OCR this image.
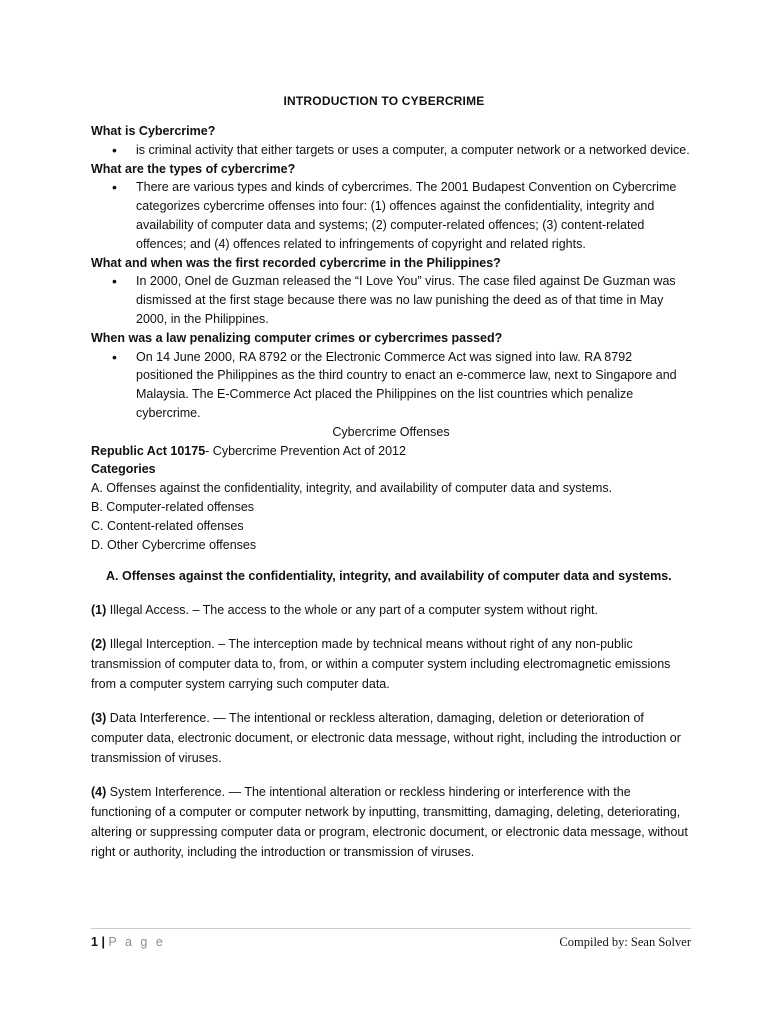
INTRODUCTION TO CYBERCRIME

What is Cybercrime?

• is criminal activity that either targets or uses a computer, a computer network or a networked device.

What are the types of cybercrime?

• There are various types and kinds of cybercrimes. The 2001 Budapest Convention on Cybercrime categorizes cybercrime offenses into four: (1) offences against the confidentiality, integrity and availability of computer data and systems; (2) computer-related offences; (3) content-related offences; and (4) offences related to infringements of copyright and related rights.

What and when was the first recorded cybercrime in the Philippines?

• In 2000, Onel de Guzman released the “I Love You” virus. The case filed against De Guzman was dismissed at the first stage because there was no law punishing the deed as of that time in May 2000, in the Philippines.

When was a law penalizing computer crimes or cybercrimes passed?

• On 14 June 2000, RA 8792 or the Electronic Commerce Act was signed into law. RA 8792 positioned the Philippines as the third country to enact an e-commerce law, next to Singapore and Malaysia. The E-Commerce Act placed the Philippines on the list countries which penalize cybercrime.

Cybercrime Offenses

Republic Act 10175- Cybercrime Prevention Act of 2012

Categories

A. Offenses against the confidentiality, integrity, and availability of computer data and systems.

B. Computer-related offenses

C. Content-related offenses

D. Other Cybercrime offenses

A. Offenses against the confidentiality, integrity, and availability of computer data and systems.

(1) Illegal Access. – The access to the whole or any part of a computer system without right.

(2) Illegal Interception. – The interception made by technical means without right of any non-public transmission of computer data to, from, or within a computer system including electromagnetic emissions from a computer system carrying such computer data.

(3) Data Interference. — The intentional or reckless alteration, damaging, deletion or deterioration of computer data, electronic document, or electronic data message, without right, including the introduction or transmission of viruses.

(4) System Interference. — The intentional alteration or reckless hindering or interference with the functioning of a computer or computer network by inputting, transmitting, damaging, deleting, deteriorating, altering or suppressing computer data or program, electronic document, or electronic data message, without right or authority, including the introduction or transmission of viruses.

1 | P a g e	Compiled by: Sean Solver
